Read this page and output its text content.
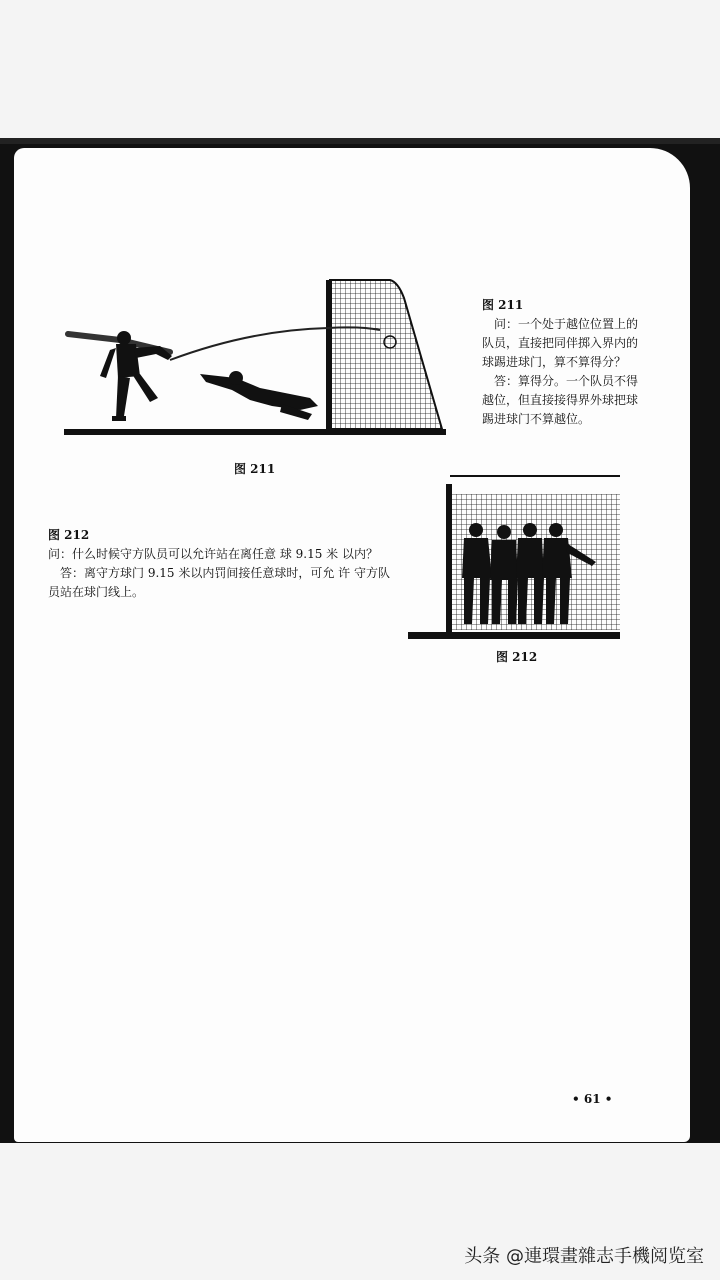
图 211

图 211

问：一个处于越位位置上的队员，直接把同伴掷入界内的球踢进球门，算不算得分？

答：算得分。一个队员不得越位，但直接接得界外球把球踢进球门不算越位。

图 212

问：什么时候守方队员可以允许站在离任意 球 9.15 米 以内？

答：离守方球门 9.15 米以内罚间接任意球时，可允 许 守方队员站在球门线上。

图 212
• 61 •
头条 @連環畫雜志手機阅览室
